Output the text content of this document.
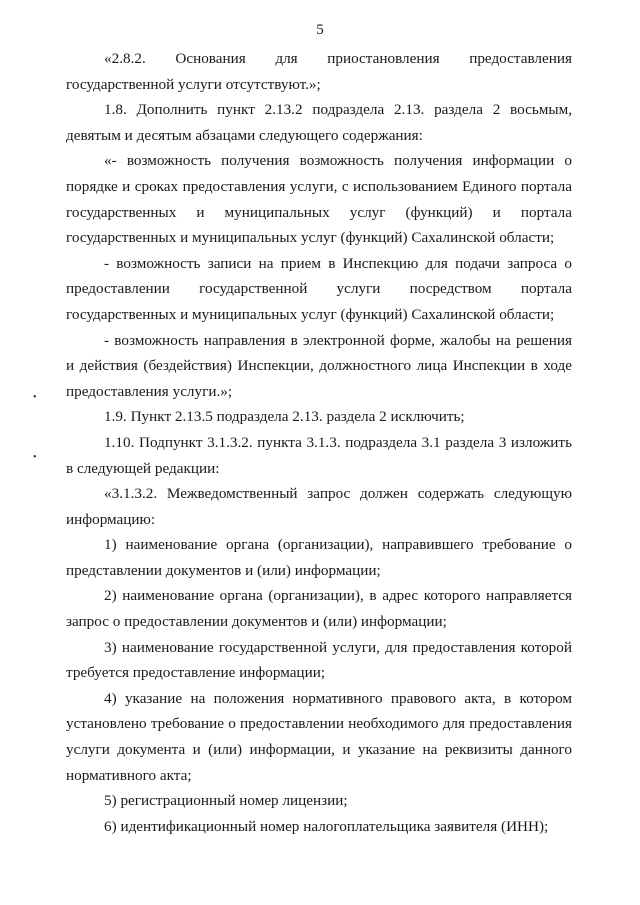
5
•
•

«2.8.2. Основания для приостановления предоставления государственной услуги отсутствуют.»;

1.8. Дополнить пункт 2.13.2 подраздела 2.13. раздела 2 восьмым, девятым и десятым абзацами следующего содержания:

«- возможность получения возможность получения информации о порядке и сроках предоставления услуги, с использованием Единого портала государственных и муниципальных услуг (функций) и портала государственных и муниципальных услуг (функций) Сахалинской области;

- возможность записи на прием в Инспекцию для подачи запроса о предоставлении государственной услуги посредством портала государственных и муниципальных услуг (функций) Сахалинской области;

- возможность направления в электронной форме, жалобы на решения и действия (бездействия) Инспекции, должностного лица Инспекции в ходе предоставления услуги.»;

1.9. Пункт 2.13.5 подраздела 2.13. раздела 2 исключить;

1.10. Подпункт 3.1.3.2. пункта 3.1.3. подраздела 3.1 раздела 3 изложить в следующей редакции:

«3.1.3.2. Межведомственный запрос должен содержать следующую информацию:

1) наименование органа (организации), направившего требование о представлении документов и (или) информации;

2) наименование органа (организации), в адрес которого направляется запрос о предоставлении документов и (или) информации;

3) наименование государственной услуги, для предоставления которой требуется предоставление информации;

4) указание на положения нормативного правового акта, в котором установлено требование о предоставлении необходимого для предоставления услуги документа и (или) информации, и указание на реквизиты данного нормативного акта;

5) регистрационный номер лицензии;

6) идентификационный номер налогоплательщика заявителя (ИНН);
